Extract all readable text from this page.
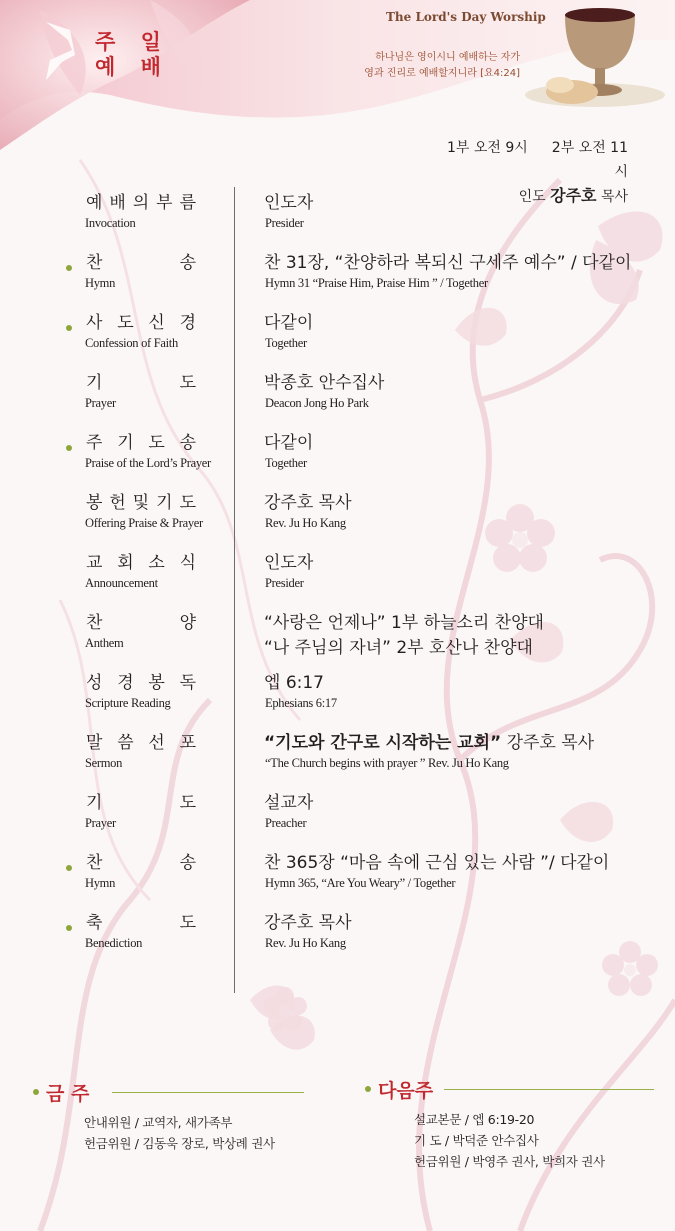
주 일
예 배
The Lord's Day Worship
하나님은 영이시니 예배하는 자가
영과 진리로 예배할지니라 [요4:24]
1부 오전 9시 2부 오전 11시
인도 강주호 목사
예 배 의 부 름
Invocation
인도자
Presider
찬	송
Hymn
찬 31장, “찬양하라 복되신 구세주 예수” / 다같이
Hymn 31 “Praise Him, Praise Him ” / Together
사 도 신 경
Confession of Faith
다같이
Together
기	도
Prayer
박종호 안수집사
Deacon Jong Ho Park
주 기 도 송
Praise of the Lord’s Prayer
다같이
Together
봉 헌 및 기 도
Offering Praise & Prayer
강주호 목사
Rev. Ju Ho Kang
교 회 소 식
Announcement
인도자
Presider
찬	양
Anthem
“사랑은 언제나” 1부 하늘소리 찬양대
“나 주님의 자녀” 2부 호산나 찬양대
성 경 봉 독
Scripture Reading
엡 6:17
Ephesians 6:17
말 씀 선 포
Sermon
“기도와 간구로 시작하는 교회” 강주호 목사
“The Church begins with prayer ” Rev. Ju Ho Kang
기	도
Prayer
설교자
Preacher
찬	송
Hymn
찬 365장 “마음 속에 근심 있는 사람 ”/ 다같이
Hymn 365, “Are You Weary” / Together
축	도
Benediction
강주호 목사
Rev. Ju Ho Kang
금 주
안내위원 / 교역자, 새가족부
헌금위원 / 김동욱 장로, 박상례 권사
다음주
설교본문 / 엡 6:19-20
기 도 / 박덕준 안수집사
헌금위원 / 박영주 권사, 박희자 권사
